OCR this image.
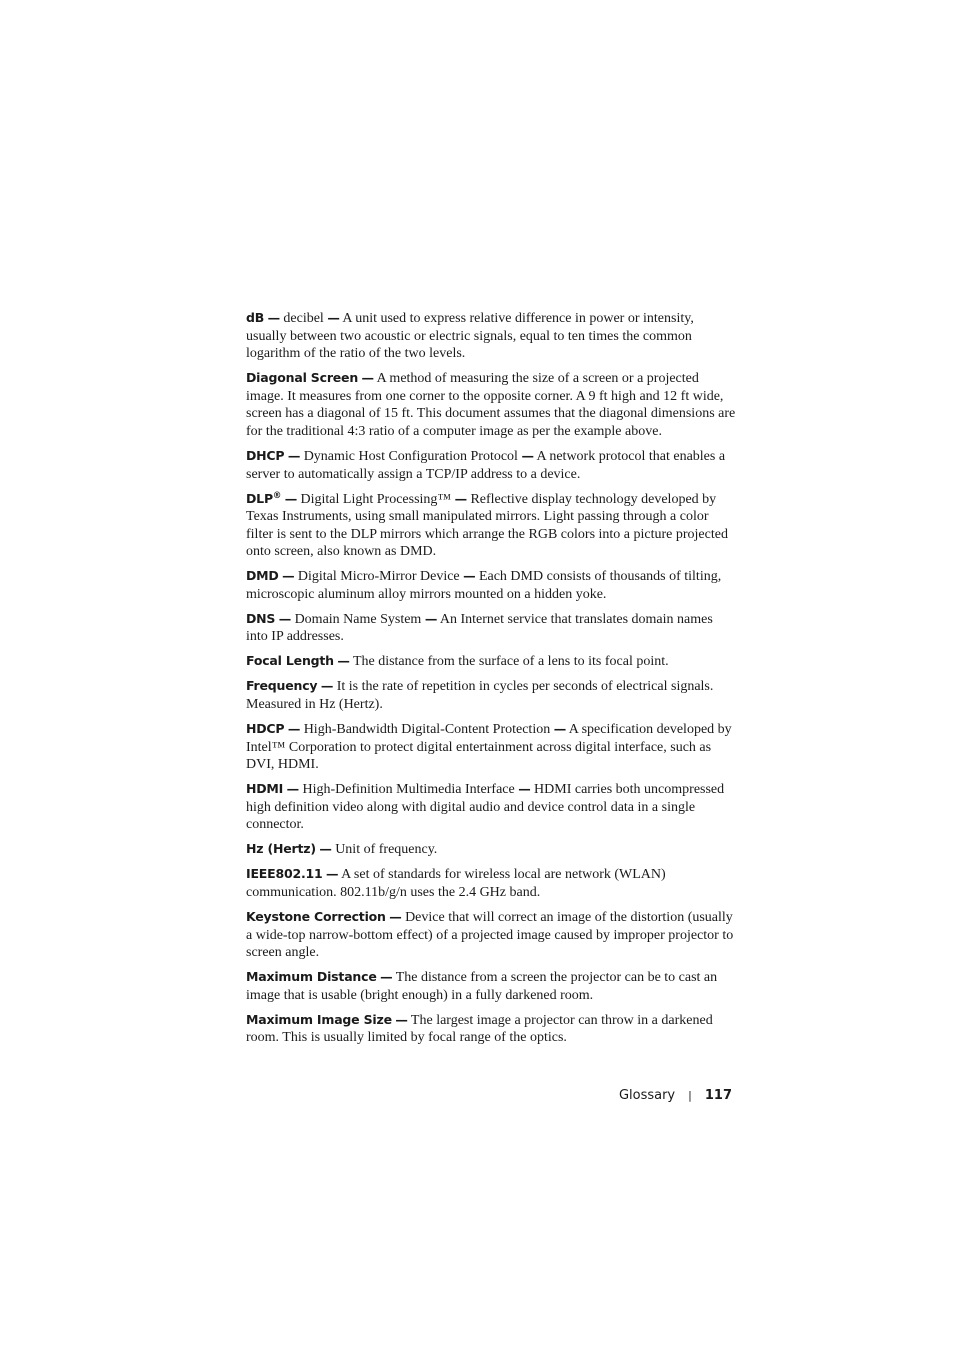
dB — decibel — A unit used to express relative difference in power or intensity, usually between two acoustic or electric signals, equal to ten times the common logarithm of the ratio of the two levels.

Diagonal Screen — A method of measuring the size of a screen or a projected image. It measures from one corner to the opposite corner. A 9 ft high and 12 ft wide, screen has a diagonal of 15 ft. This document assumes that the diagonal dimensions are for the traditional 4:3 ratio of a computer image as per the example above.

DHCP — Dynamic Host Configuration Protocol — A network protocol that enables a server to automatically assign a TCP/IP address to a device.

DLP® — Digital Light Processing™ — Reflective display technology developed by Texas Instruments, using small manipulated mirrors. Light passing through a color filter is sent to the DLP mirrors which arrange the RGB colors into a picture projected onto screen, also known as DMD.

DMD — Digital Micro-Mirror Device — Each DMD consists of thousands of tilting, microscopic aluminum alloy mirrors mounted on a hidden yoke.

DNS — Domain Name System — An Internet service that translates domain names into IP addresses.

Focal Length — The distance from the surface of a lens to its focal point.

Frequency — It is the rate of repetition in cycles per seconds of electrical signals. Measured in Hz (Hertz).

HDCP — High-Bandwidth Digital-Content Protection — A specification developed by Intel™ Corporation to protect digital entertainment across digital interface, such as DVI, HDMI.

HDMI — High-Definition Multimedia Interface — HDMI carries both uncompressed high definition video along with digital audio and device control data in a single connector.

Hz (Hertz) — Unit of frequency.

IEEE802.11 — A set of standards for wireless local are network (WLAN) communication. 802.11b/g/n uses the 2.4 GHz band.

Keystone Correction — Device that will correct an image of the distortion (usually a wide-top narrow-bottom effect) of a projected image caused by improper projector to screen angle.

Maximum Distance — The distance from a screen the projector can be to cast an image that is usable (bright enough) in a fully darkened room.

Maximum Image Size — The largest image a projector can throw in a darkened room. This is usually limited by focal range of the optics.

Glossary | 117
